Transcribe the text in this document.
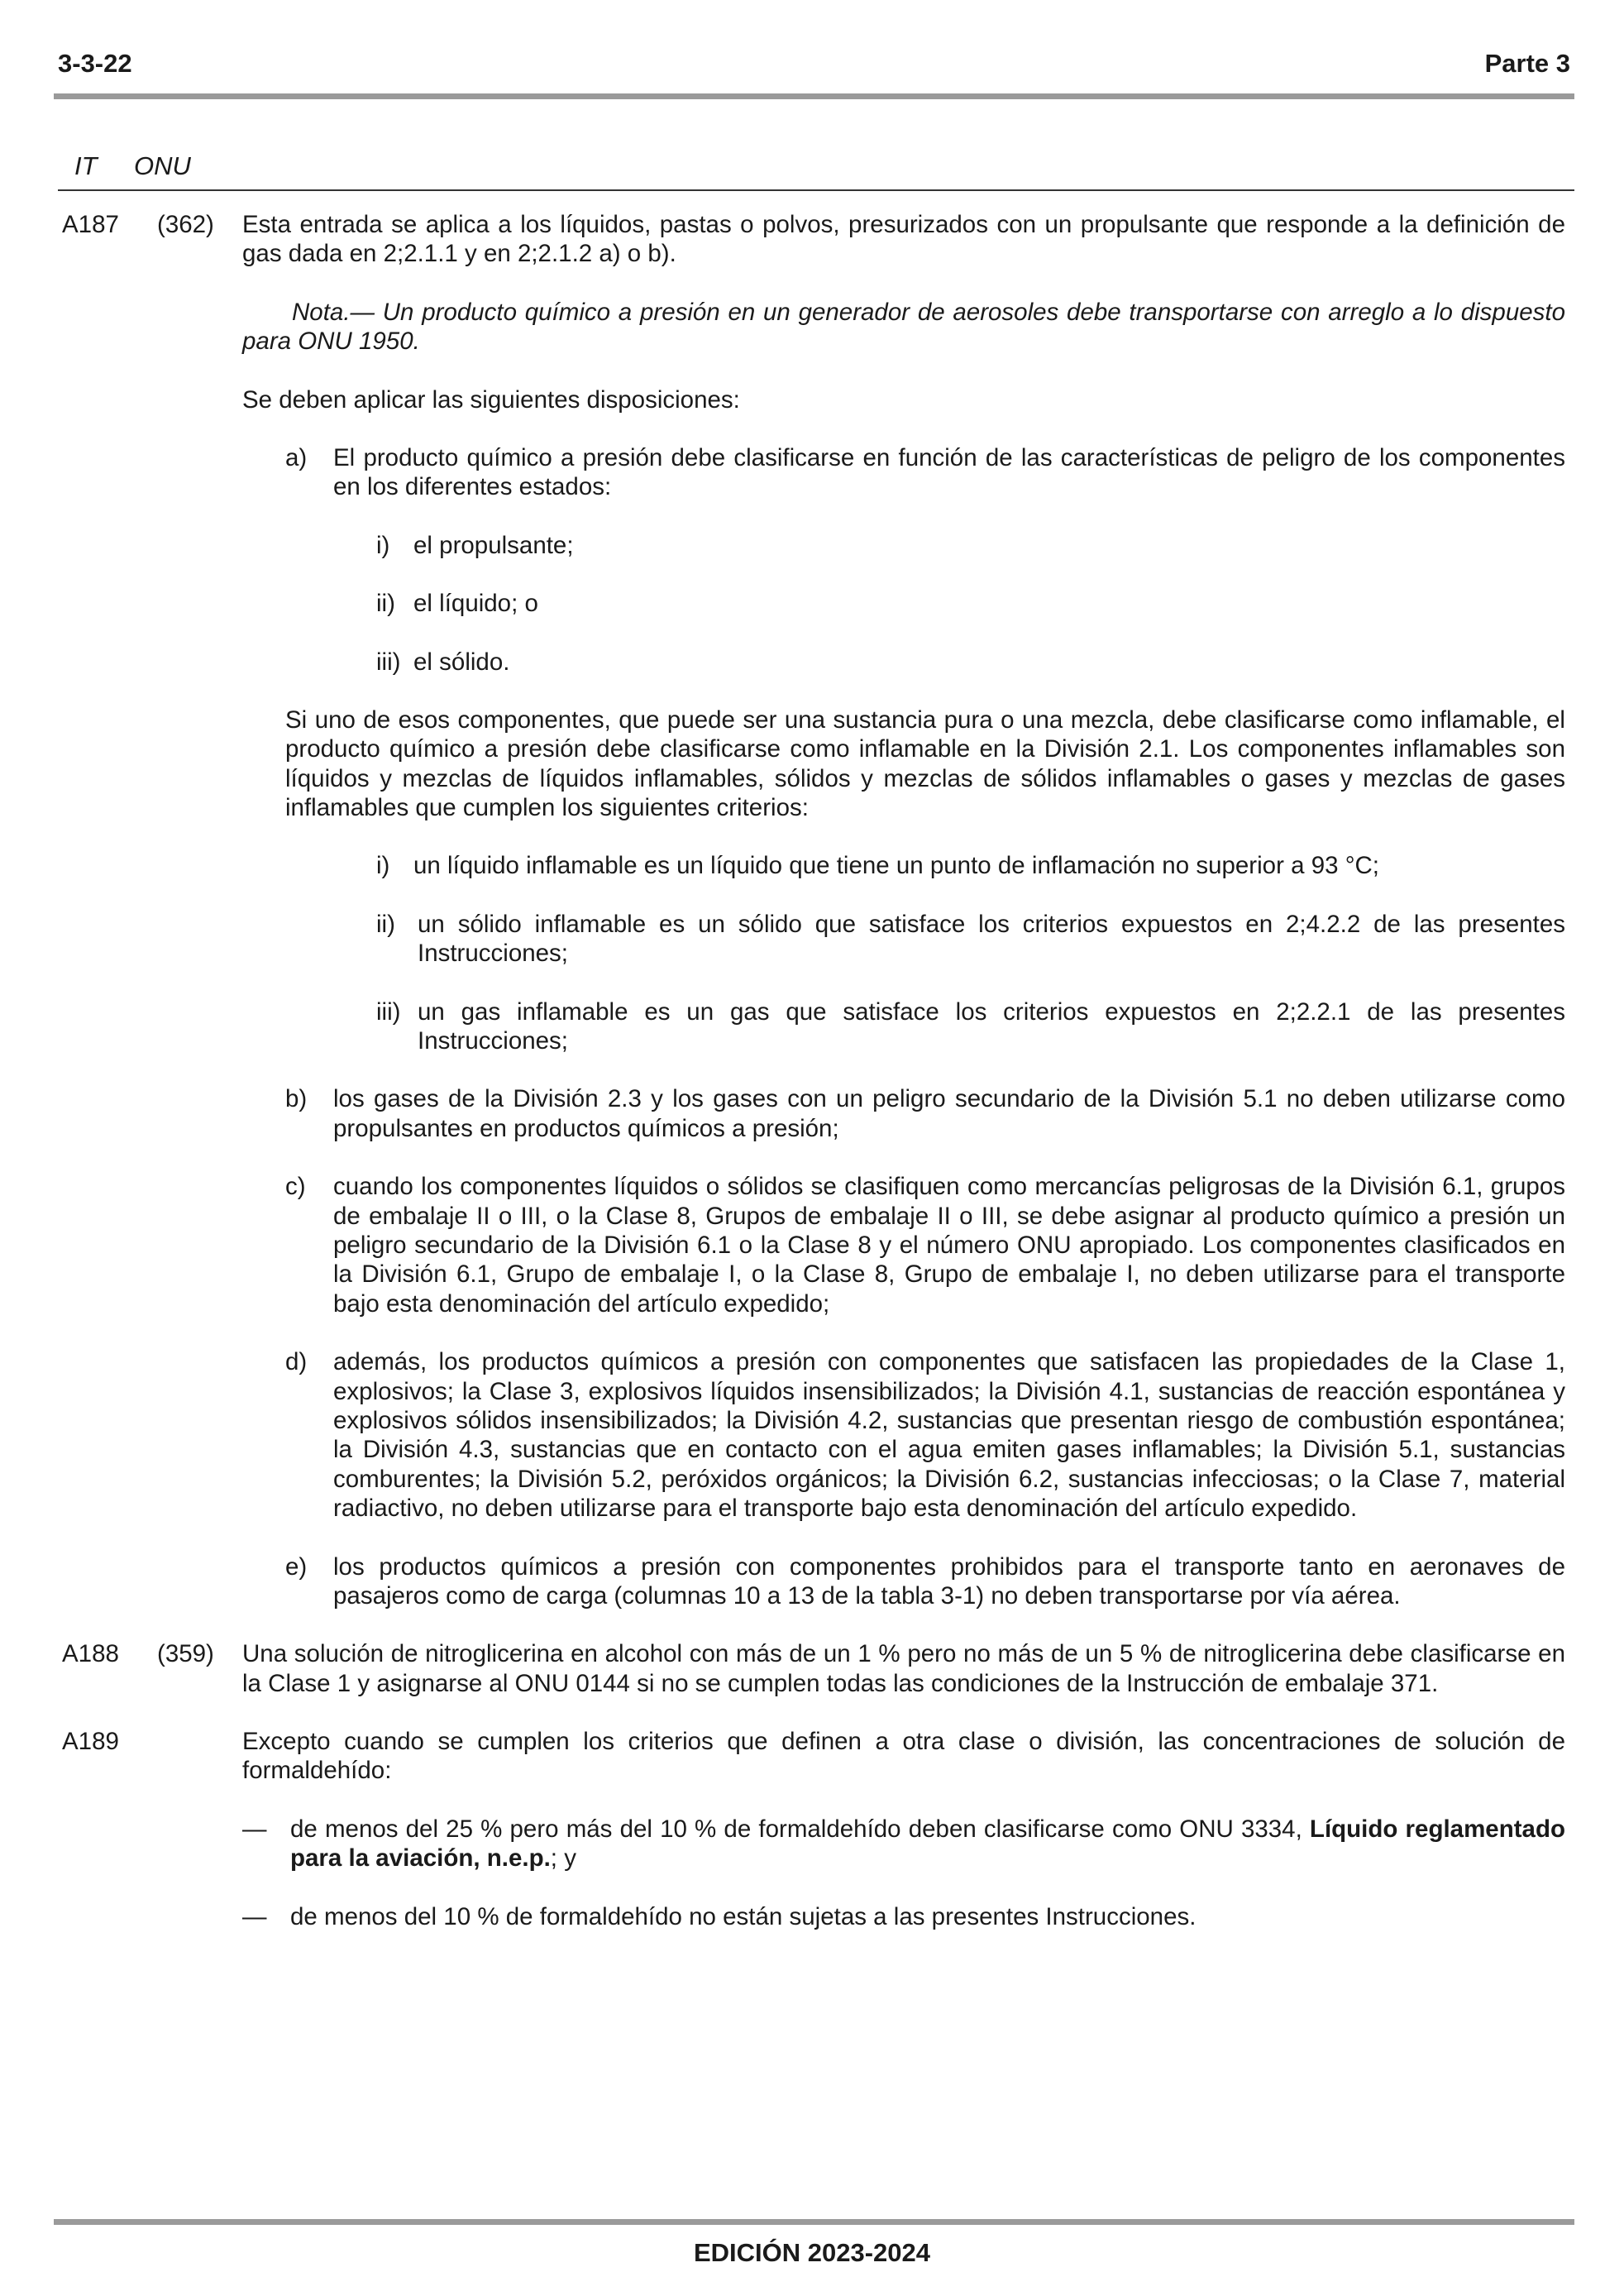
3-3-22	Parte 3
IT ONU
A187 (362) Esta entrada se aplica a los líquidos, pastas o polvos, presurizados con un propulsante que responde a la definición de gas dada en 2;2.1.1 y en 2;2.1.2 a) o b).

Nota.— Un producto químico a presión en un generador de aerosoles debe transportarse con arreglo a lo dispuesto para ONU 1950.

Se deben aplicar las siguientes disposiciones:

a) El producto químico a presión debe clasificarse en función de las características de peligro de los componentes en los diferentes estados:
i) el propulsante;
ii) el líquido; o
iii) el sólido.

Si uno de esos componentes, que puede ser una sustancia pura o una mezcla, debe clasificarse como inflamable, el producto químico a presión debe clasificarse como inflamable en la División 2.1. Los componentes inflamables son líquidos y mezclas de líquidos inflamables, sólidos y mezclas de sólidos inflamables o gases y mezclas de gases inflamables que cumplen los siguientes criterios:

i) un líquido inflamable es un líquido que tiene un punto de inflamación no superior a 93 °C;
ii) un sólido inflamable es un sólido que satisface los criterios expuestos en 2;4.2.2 de las presentes Instrucciones;
iii) un gas inflamable es un gas que satisface los criterios expuestos en 2;2.2.1 de las presentes Instrucciones;
b) los gases de la División 2.3 y los gases con un peligro secundario de la División 5.1 no deben utilizarse como propulsantes en productos químicos a presión;
c) cuando los componentes líquidos o sólidos se clasifiquen como mercancías peligrosas de la División 6.1, grupos de embalaje II o III, o la Clase 8, Grupos de embalaje II o III, se debe asignar al producto químico a presión un peligro secundario de la División 6.1 o la Clase 8 y el número ONU apropiado. Los componentes clasificados en la División 6.1, Grupo de embalaje I, o la Clase 8, Grupo de embalaje I, no deben utilizarse para el transporte bajo esta denominación del artículo expedido;
d) además, los productos químicos a presión con componentes que satisfacen las propiedades de la Clase 1, explosivos; la Clase 3, explosivos líquidos insensibilizados; la División 4.1, sustancias de reacción espontánea y explosivos sólidos insensibilizados; la División 4.2, sustancias que presentan riesgo de combustión espontánea; la División 4.3, sustancias que en contacto con el agua emiten gases inflamables; la División 5.1, sustancias comburentes; la División 5.2, peróxidos orgánicos; la División 6.2, sustancias infecciosas; o la Clase 7, material radiactivo, no deben utilizarse para el transporte bajo esta denominación del artículo expedido.
e) los productos químicos a presión con componentes prohibidos para el transporte tanto en aeronaves de pasajeros como de carga (columnas 10 a 13 de la tabla 3-1) no deben transportarse por vía aérea.
A188 (359) Una solución de nitroglicerina en alcohol con más de un 1 % pero no más de un 5 % de nitroglicerina debe clasificarse en la Clase 1 y asignarse al ONU 0144 si no se cumplen todas las condiciones de la Instrucción de embalaje 371.

A189	Excepto cuando se cumplen los criterios que definen a otra clase o división, las concentraciones de solución de formaldehído:

— de menos del 25 % pero más del 10 % de formaldehído deben clasificarse como ONU 3334, Líquido reglamentado para la aviación, n.e.p.; y
— de menos del 10 % de formaldehído no están sujetas a las presentes Instrucciones.
EDICIÓN 2023-2024
